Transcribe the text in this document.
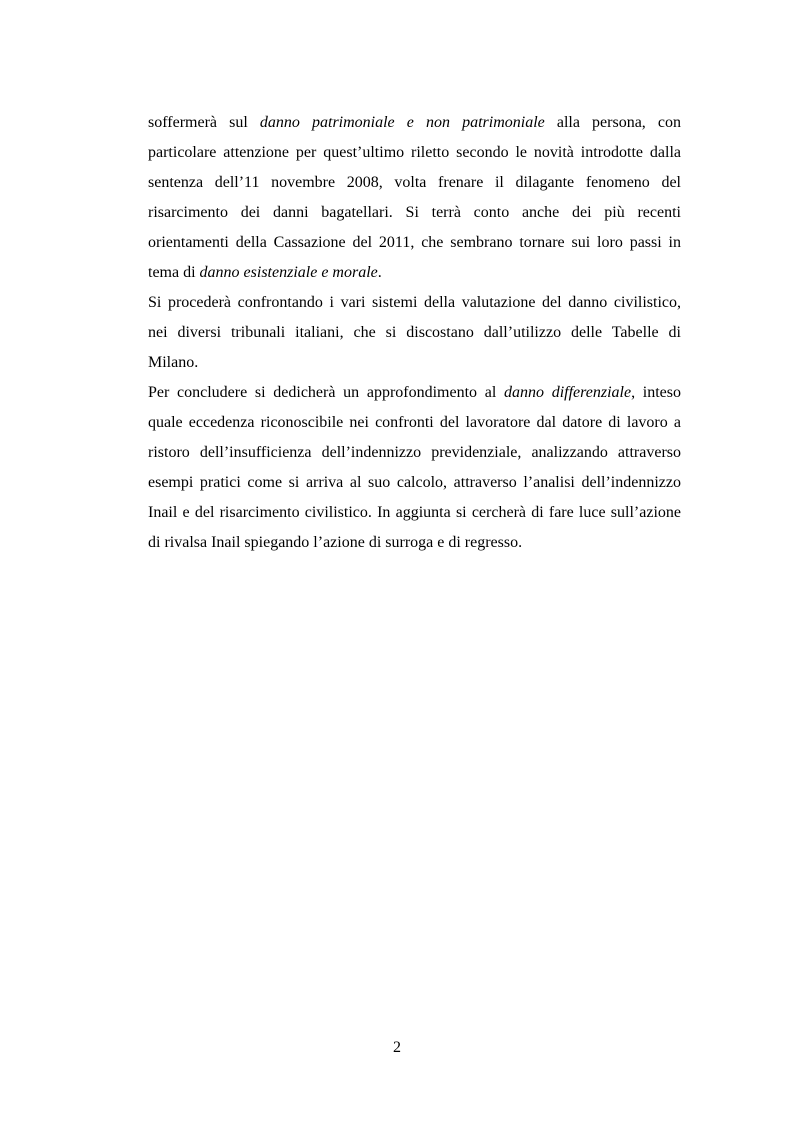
soffermerà sul danno patrimoniale e non patrimoniale alla persona, con
particolare attenzione per quest’ultimo riletto secondo le novità introdotte dalla
sentenza dell’11 novembre 2008, volta frenare il dilagante fenomeno del
risarcimento dei danni bagatellari. Si terrà conto anche dei più recenti
orientamenti della Cassazione del 2011, che sembrano tornare sui loro passi in
tema di danno esistenziale e morale.
Si procederà confrontando i vari sistemi della valutazione del danno civilistico,
nei diversi tribunali italiani, che si discostano dall’utilizzo delle Tabelle di
Milano.
Per concludere si dedicherà un approfondimento al danno differenziale, inteso
quale eccedenza riconoscibile nei confronti del lavoratore dal datore di lavoro a
ristoro dell’insufficienza dell’indennizzo previdenziale, analizzando attraverso
esempi pratici come si arriva al suo calcolo, attraverso l’analisi dell’indennizzo
Inail e del risarcimento civilistico. In aggiunta si cercherà di fare luce sull’azione
di rivalsa Inail spiegando l’azione di surroga e di regresso.
2
